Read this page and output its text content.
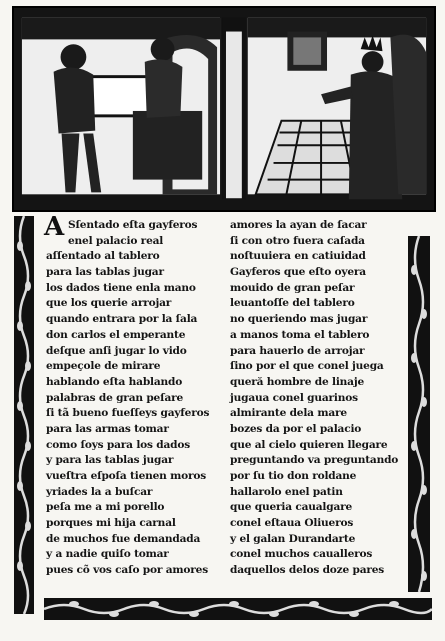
A Sſentado eſta gayferos
enel palacio real
aſſentado al tablero
para las tablas jugar
los dados tiene enla mano
que los querie arrojar
quando entrara por la ſala
don carlos el emperante
deſque anſi jugar lo vido
empeçole de mirare
hablando eſta hablando
palabras de gran peſare
ſi tã bueno fueſſeys gayferos
para las armas tomar
como ſoys para los dados
y para las tablas jugar
vueſtra eſpoſa tienen moros
yriades la a buſcar
peſa me a mi porello
porques mi hija carnal
de muchos fue demandada
y a nadie quiſo tomar
pues cõ vos caſo por amores
amores la ayan de ſacar
ſi con otro fuera caſada
noſtuuiera en catiuidad
Gayferos que eſto oyera
mouido de gran peſar
leuantoſſe del tablero
no queriendo mas jugar
a manos toma el tablero
para hauerlo de arrojar
ſino por el que conel juega
queră hombre de linaje
jugaua conel guarinos
almirante dela mare
bozes da por el palacio
que al cielo quieren llegare
preguntando va preguntando
por ſu tio don roldane
hallarolo enel patin
que queria caualgare
conel eſtaua Oliueros
y el galan Durandarte
conel muchos caualleros
daquellos delos doze pares
